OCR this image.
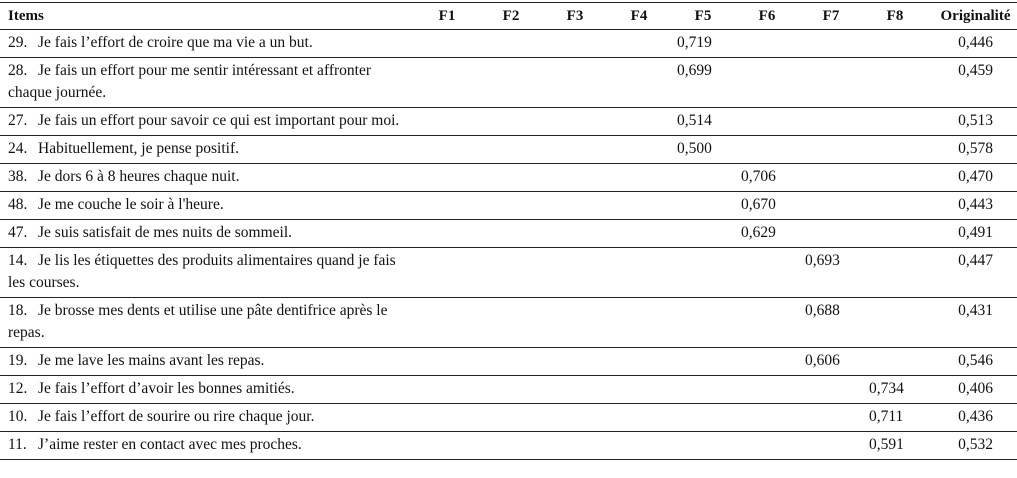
Items	F1	F2	F3	F4	F5	F6	F7	F8	Originalité
29. Je fais l’effort de croire que ma vie a un but.					0,719				0,446
28. Je fais un effort pour me sentir intéressant et affronter chaque journée.					0,699				0,459
27. Je fais un effort pour savoir ce qui est important pour moi.					0,514				0,513
24. Habituellement, je pense positif.					0,500				0,578
38. Je dors 6 à 8 heures chaque nuit.						0,706			0,470
48. Je me couche le soir à l'heure.						0,670			0,443
47. Je suis satisfait de mes nuits de sommeil.						0,629			0,491
14. Je lis les étiquettes des produits alimentaires quand je fais les courses.							0,693		0,447
18. Je brosse mes dents et utilise une pâte dentifrice après le repas.							0,688		0,431
19. Je me lave les mains avant les repas.							0,606		0,546
12. Je fais l’effort d’avoir les bonnes amitiés.								0,734	0,406
10. Je fais l’effort de sourire ou rire chaque jour.								0,711	0,436
11. J’aime rester en contact avec mes proches.								0,591	0,532
